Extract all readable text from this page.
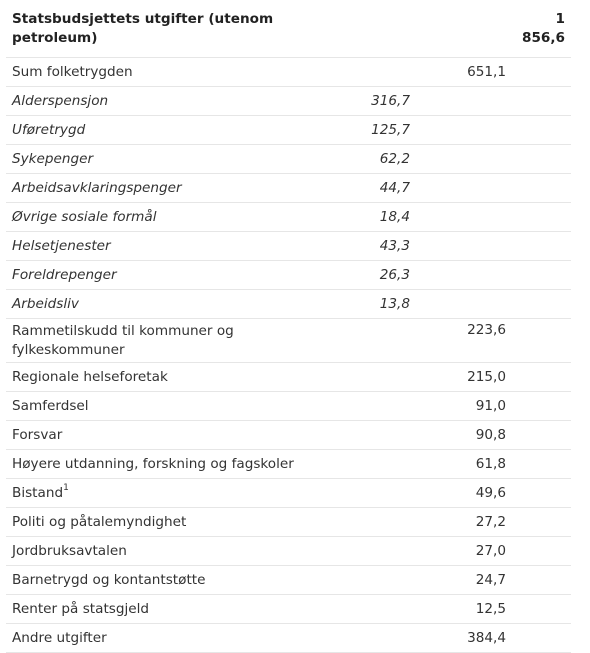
Statsbudsjettets utgifter (utenom petroleum)			1 856,6
Sum folketrygden		651,1	
Alderspensjon	316,7		
Uføretrygd	125,7		
Sykepenger	62,2		
Arbeidsavklaringspenger	44,7		
Øvrige sosiale formål	18,4		
Helsetjenester	43,3		
Foreldrepenger	26,3		
Arbeidsliv	13,8		
Rammetilskudd til kommuner og fylkeskommuner		223,6	
Regionale helseforetak		215,0	
Samferdsel		91,0	
Forsvar		90,8	
Høyere utdanning, forskning og fagskoler		61,8	
Bistand$^1$		49,6	
Politi og påtalemyndighet		27,2	
Jordbruksavtalen		27,0	
Barnetrygd og kontantstøtte		24,7	
Renter på statsgjeld		12,5	
Andre utgifter		384,4	
